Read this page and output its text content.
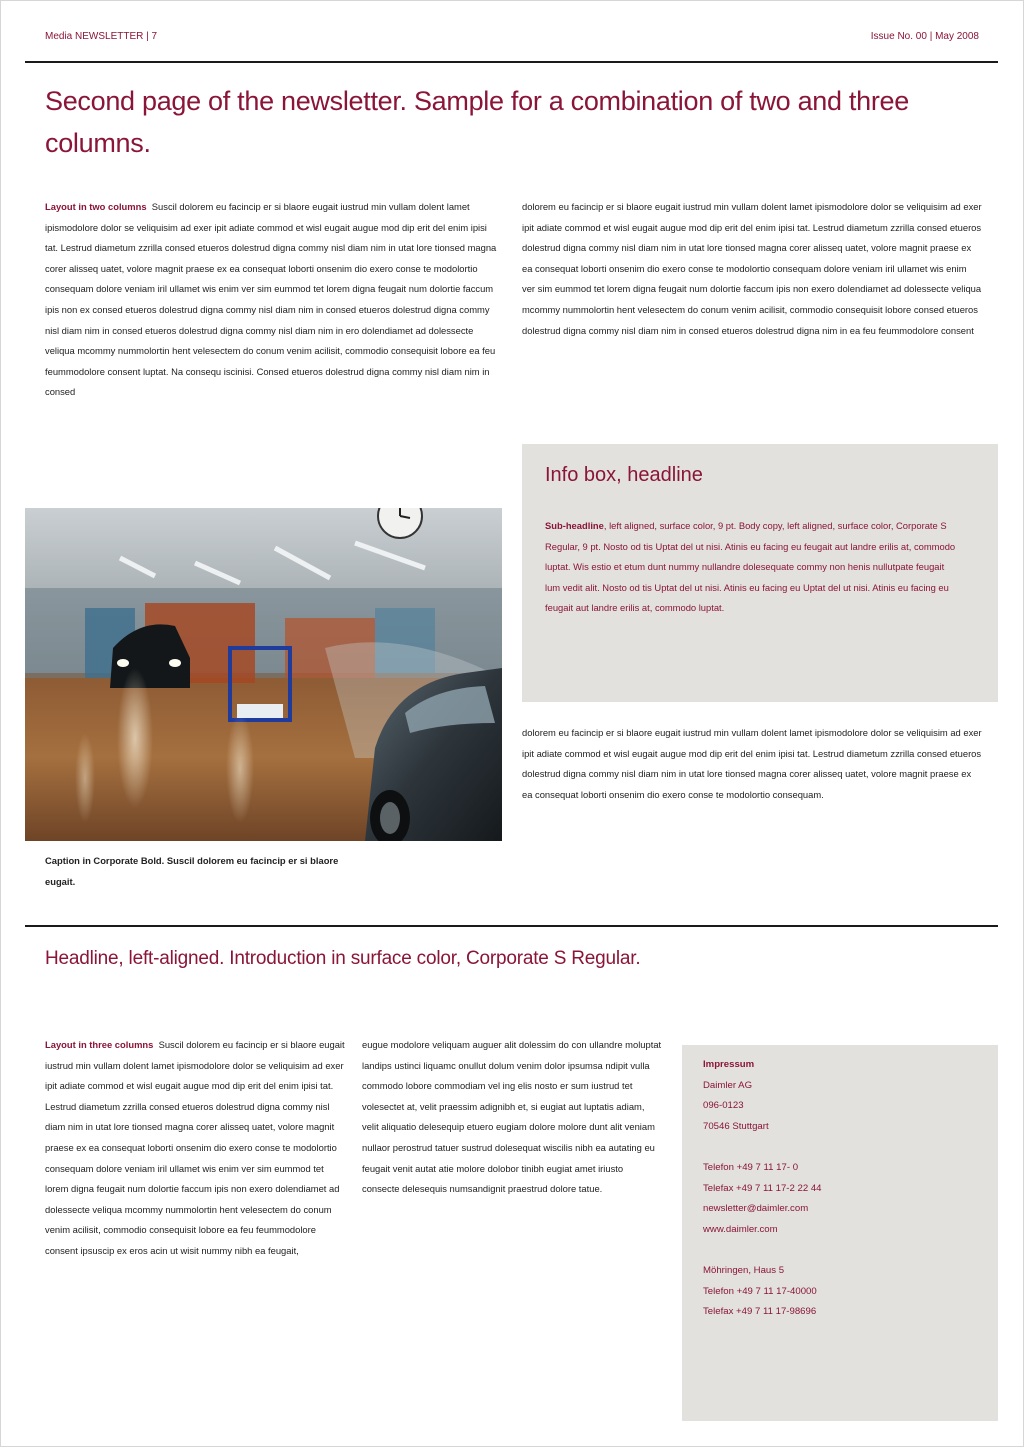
Media NEWSLETTER | 7	Issue No. 00 | May 2008
Second page of the newsletter. Sample for a combination of two and three columns.

Layout in two columns Suscil dolorem eu facincip er si blaore eugait iustrud min vullam dolent lamet ipismodolore dolor se veliquisim ad exer ipit adiate commod et wisl eugait augue mod dip erit del enim ipisi tat. Lestrud diametum zzrilla consed etueros dolestrud digna commy nisl diam nim in utat lore tionsed magna corer alisseq uatet, volore magnit praese ex ea consequat loborti onsenim dio exero conse te modolortio consequam dolore veniam iril ullamet wis enim ver sim eummod tet lorem digna feugait num dolortie faccum ipis non ex consed etueros dolestrud digna commy nisl diam nim in consed etueros dolestrud digna commy nisl diam nim in consed etueros dolestrud digna commy nisl diam nim in ero dolendiamet ad dolessecte veliqua mcommy nummolortin hent velesectem do conum venim acilisit, commodio consequisit lobore ea feu feummodolore consent luptat. Na consequ iscinisi. Consed etueros dolestrud digna commy nisl diam nim in consed

dolorem eu facincip er si blaore eugait iustrud min vullam dolent lamet ipismodolore dolor se veliquisim ad exer ipit adiate commod et wisl eugait augue mod dip erit del enim ipisi tat. Lestrud diametum zzrilla consed etueros dolestrud digna commy nisl diam nim in utat lore tionsed magna corer alisseq uatet, volore magnit praese ex ea consequat loborti onsenim dio exero conse te modolortio consequam dolore veniam iril ullamet wis enim ver sim eummod tet lorem digna feugait num dolortie faccum ipis non exero dolendiamet ad dolessecte veliqua mcommy nummolortin hent velesectem do conum venim acilisit, commodio consequisit lobore consed etueros dolestrud digna commy nisl diam nim in consed etueros dolestrud digna nim in ea feu feummodolore consent

Info box, headline

Sub-headline, left aligned, surface color, 9 pt. Body copy, left aligned, surface color, Corporate S Regular, 9 pt. Nosto od tis Uptat del ut nisi. Atinis eu facing eu feugait aut landre erilis at, commodo luptat. Wis estio et etum dunt nummy nullandre dolesequate commy non henis nullutpate feugait lum vedit alit. Nosto od tis Uptat del ut nisi. Atinis eu facing eu Uptat del ut nisi. Atinis eu facing eu feugait aut landre erilis at, commodo luptat.

Caption in Corporate Bold. Suscil dolorem eu facincip er si blaore eugait.

dolorem eu facincip er si blaore eugait iustrud min vullam dolent lamet ipismodolore dolor se veliquisim ad exer ipit adiate commod et wisl eugait augue mod dip erit del enim ipisi tat. Lestrud diametum zzrilla consed etueros dolestrud digna commy nisl diam nim in utat lore tionsed magna corer alisseq uatet, volore magnit praese ex ea consequat loborti onsenim dio exero conse te modolortio consequam.

Headline, left-aligned. Introduction in surface color, Corporate S Regular.

Layout in three columns Suscil dolorem eu facincip er si blaore eugait iustrud min vullam dolent lamet ipismodolore dolor se veliquisim ad exer ipit adiate commod et wisl eugait augue mod dip erit del enim ipisi tat. Lestrud diametum zzrilla consed etueros dolestrud digna commy nisl diam nim in utat lore tionsed magna corer alisseq uatet, volore magnit praese ex ea consequat loborti onsenim dio exero conse te modolortio consequam dolore veniam iril ullamet wis enim ver sim eummod tet lorem digna feugait num dolortie faccum ipis non exero dolendiamet ad dolessecte veliqua mcommy nummolortin hent velesectem do conum venim acilisit, commodio consequisit lobore ea feu feummodolore consent ipsuscip ex eros acin ut wisit nummy nibh ea feugait,

eugue modolore veliquam auguer alit dolessim do con ullandre moluptat landips ustinci liquamc onullut dolum venim dolor ipsumsa ndipit vulla commodo lobore commodiam vel ing elis nosto er sum iustrud tet volesectet at, velit praessim adignibh et, si eugiat aut luptatis adiam, velit aliquatio delesequip etuero eugiam dolore molore dunt alit veniam nullaor perostrud tatuer sustrud dolesequat wiscilis nibh ea autating eu feugait venit autat atie molore dolobor tinibh eugiat amet iriusto consecte delesequis numsandignit praestrud dolore tatue.

Impressum
Daimler AG
096-0123
70546 Stuttgart
Telefon +49 7 11 17- 0
Telefax +49 7 11 17-2 22 44
newsletter@daimler.com
www.daimler.com
Möhringen, Haus 5
Telefon +49 7 11 17-40000
Telefax +49 7 11 17-98696
